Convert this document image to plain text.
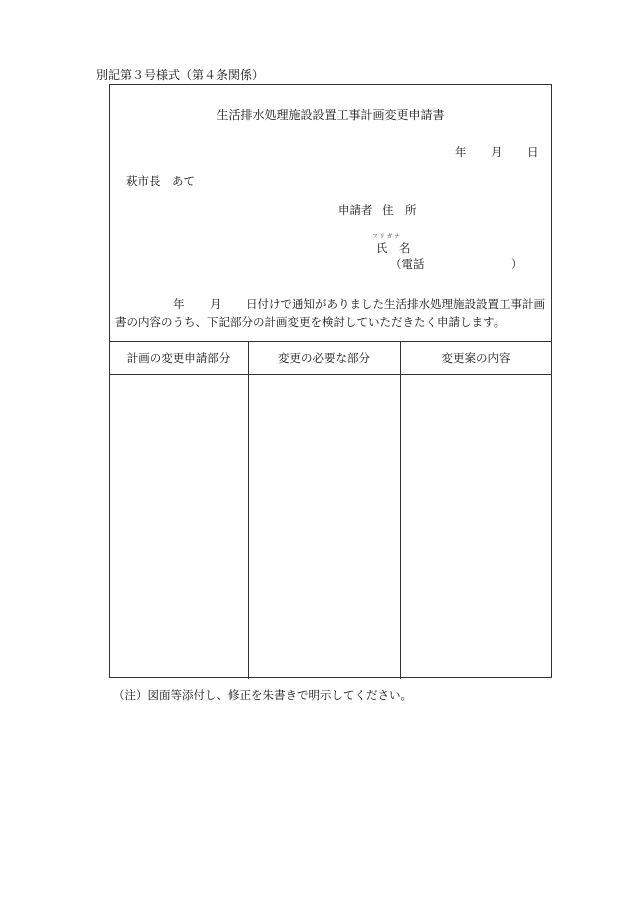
別記第３号様式（第４条関係）
生活排水処理施設設置工事計画変更申請書
年 月 日
萩市長　あて
申請者 住　所
フリガナ
氏　名
（電話	）
年 月 日付けで通知がありました生活排水処理施設設置工事計画
書の内容のうち、下記部分の計画変更を検討していただきたく申請します。
計画の変更申請部分	変更の必要な部分	変更案の内容
（注）図面等添付し、修正を朱書きで明示してください。
